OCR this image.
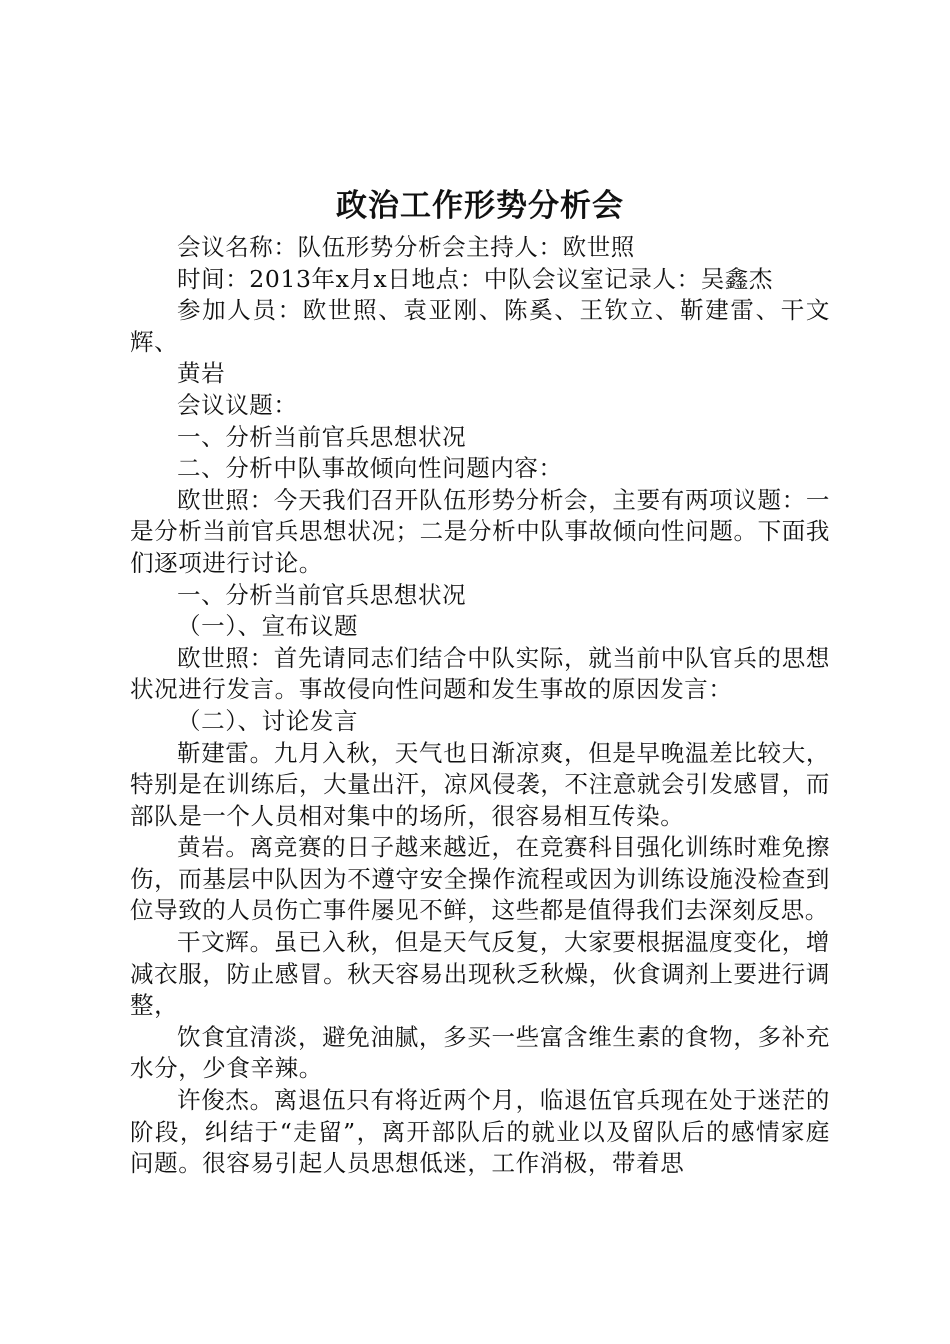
政治工作形势分析会

会议名称：队伍形势分析会主持人：欧世照

时间：2013年x月x日地点：中队会议室记录人：吴鑫杰

参加人员：欧世照、袁亚刚、陈奚、王钦立、靳建雷、干文辉、

黄岩

会议议题：

一、分析当前官兵思想状况

二、分析中队事故倾向性问题内容：

欧世照：今天我们召开队伍形势分析会，主要有两项议题：一是分析当前官兵思想状况；二是分析中队事故倾向性问题。下面我们逐项进行讨论。

一、分析当前官兵思想状况

（一）、宣布议题

欧世照：首先请同志们结合中队实际，就当前中队官兵的思想状况进行发言。事故侵向性问题和发生事故的原因发言：

（二）、讨论发言

靳建雷。九月入秋，天气也日渐凉爽，但是早晚温差比较大，特别是在训练后，大量出汗，凉风侵袭，不注意就会引发感冒，而部队是一个人员相对集中的场所，很容易相互传染。

黄岩。离竞赛的日子越来越近，在竞赛科目强化训练时难免擦伤，而基层中队因为不遵守安全操作流程或因为训练设施没检查到位导致的人员伤亡事件屡见不鲜，这些都是值得我们去深刻反思。

干文辉。虽已入秋，但是天气反复，大家要根据温度变化，增减衣服，防止感冒。秋天容易出现秋乏秋燥，伙食调剂上要进行调整，

饮食宜清淡，避免油腻，多买一些富含维生素的食物，多补充水分，少食辛辣。

许俊杰。离退伍只有将近两个月，临退伍官兵现在处于迷茫的阶段，纠结于“走留”，离开部队后的就业以及留队后的感情家庭问题。很容易引起人员思想低迷，工作消极，带着思
